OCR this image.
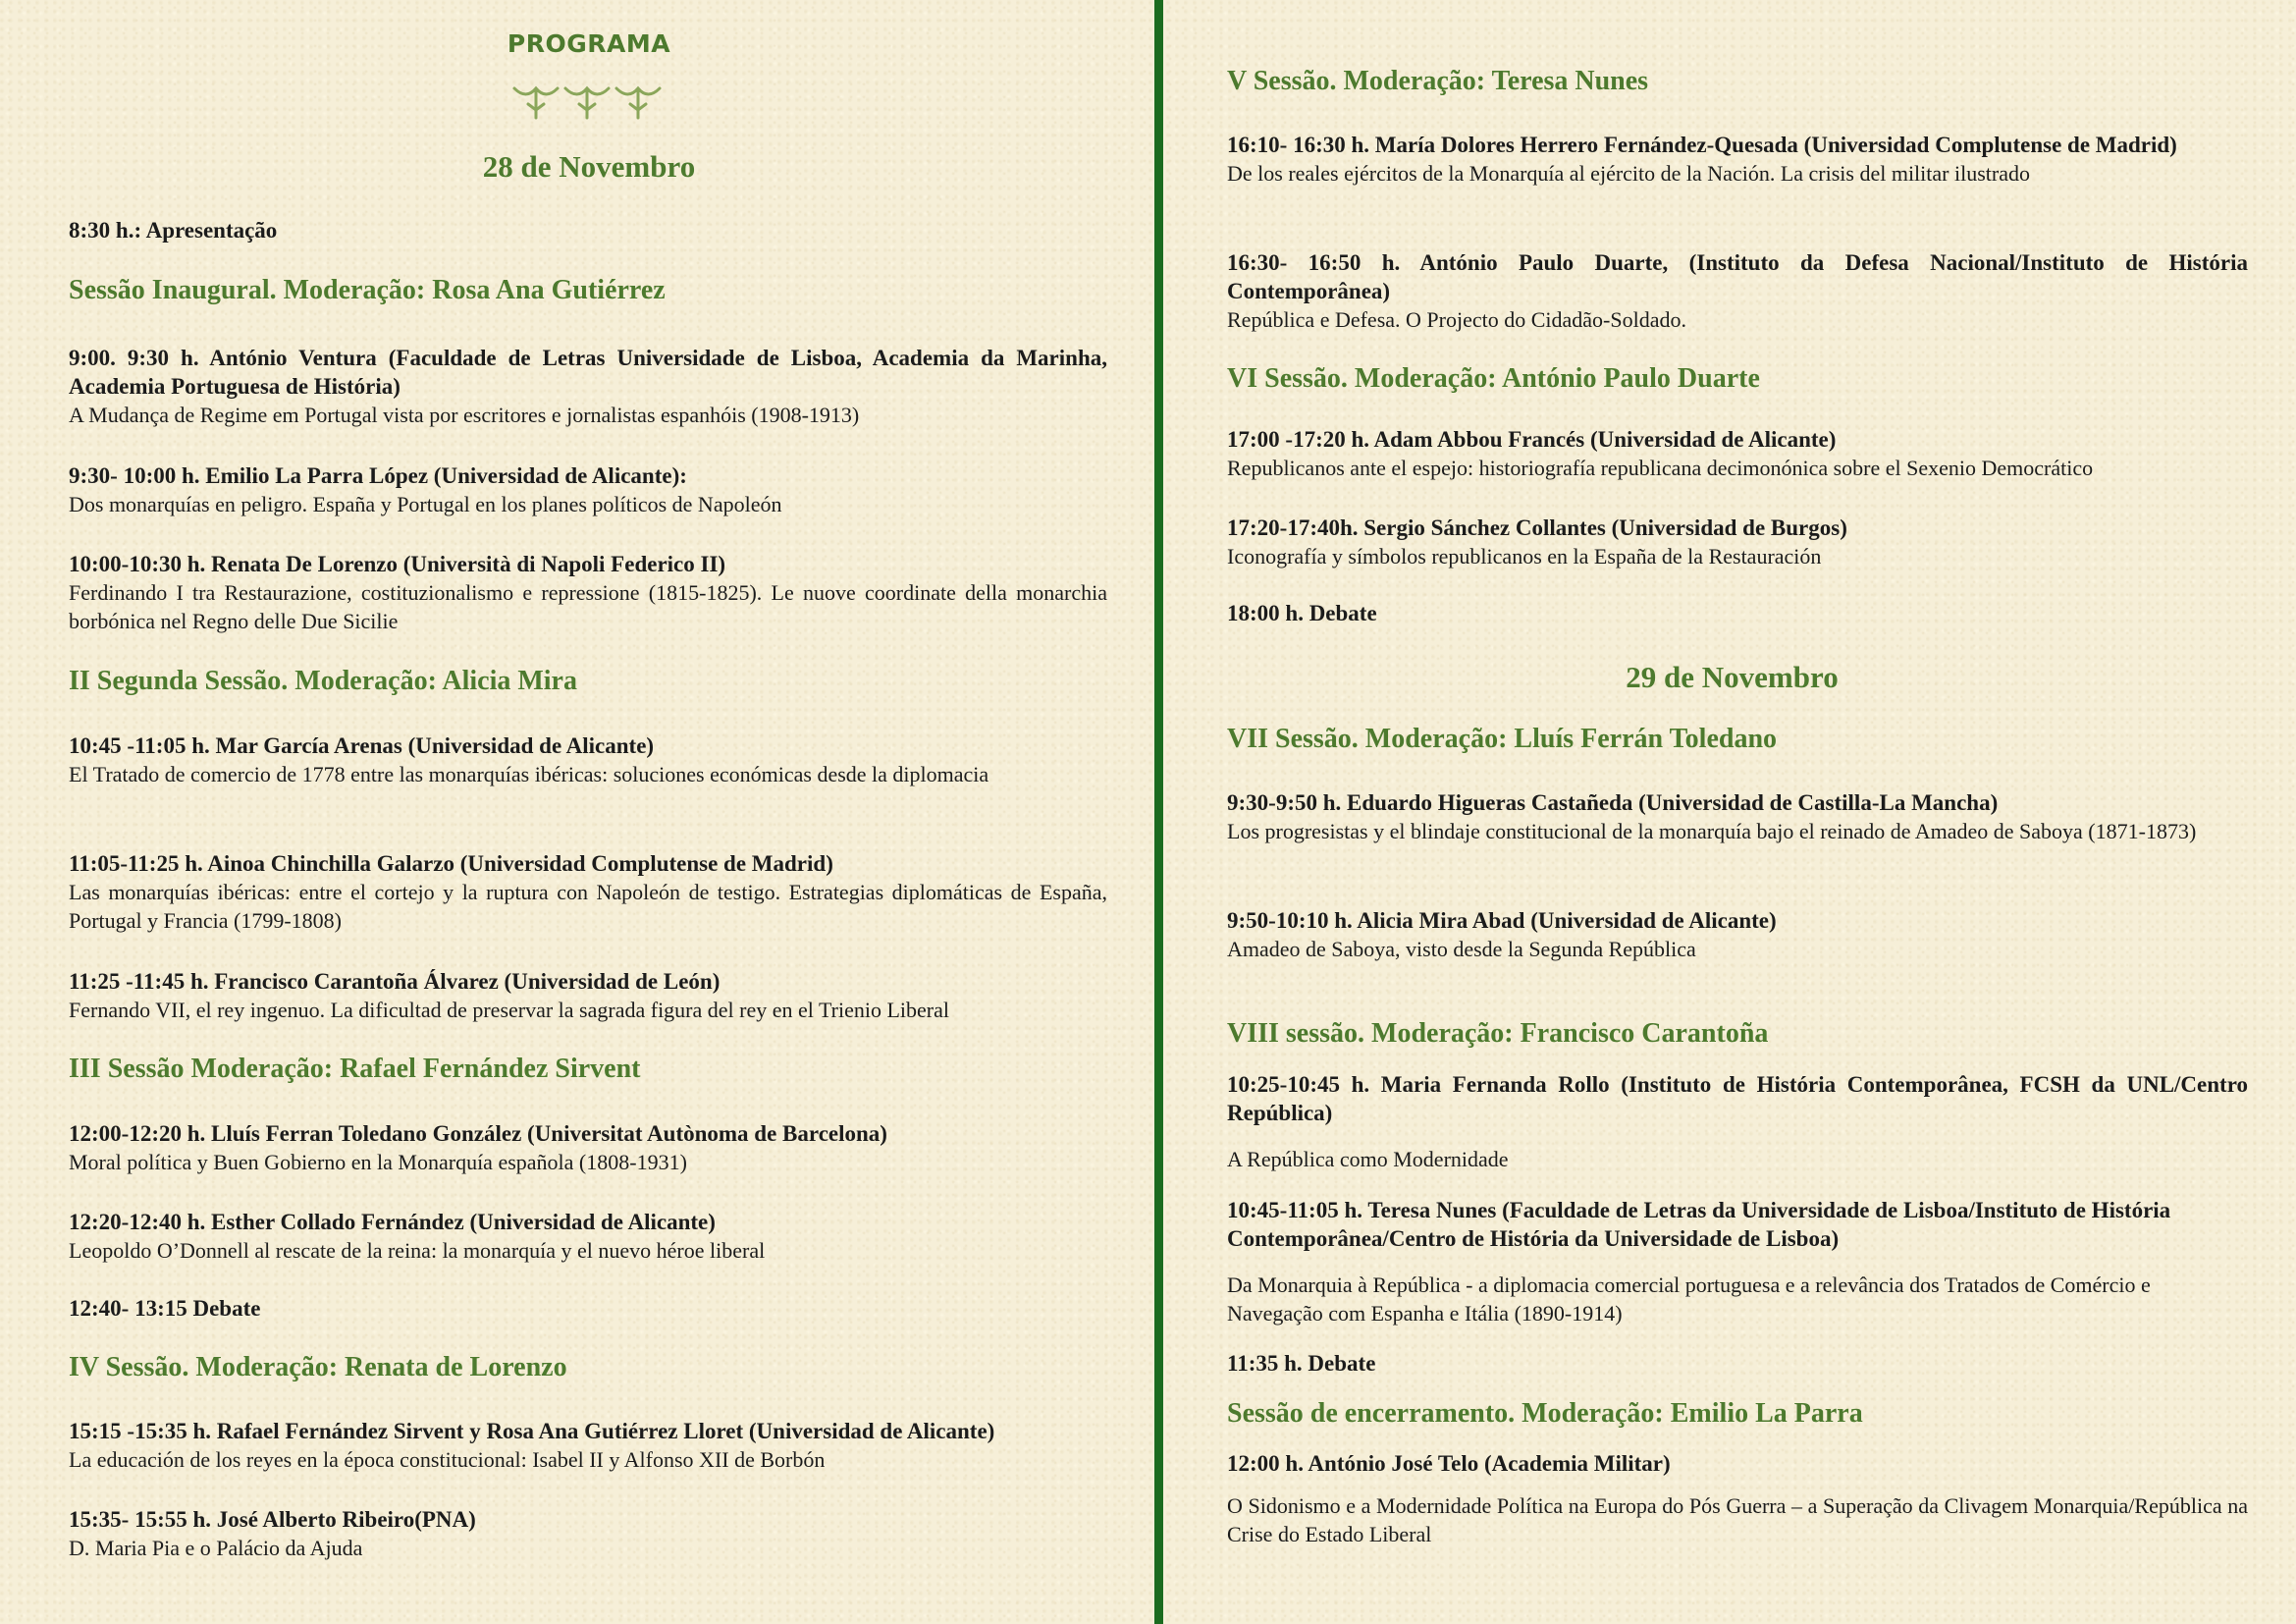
PROGRAMA
28 de Novembro
8:30 h.: Apresentação
Sessão Inaugural. Moderação: Rosa Ana Gutiérrez
9:00. 9:30 h. António Ventura (Faculdade de Letras Universidade de Lisboa, Academia da Marinha, Academia Portuguesa de História)
A Mudança de Regime em Portugal vista por escritores e jornalistas espanhóis (1908-1913)
9:30- 10:00 h. Emilio La Parra López (Universidad de Alicante):
Dos monarquías en peligro. España y Portugal en los planes políticos de Napoleón
10:00-10:30 h. Renata De Lorenzo (Università di Napoli Federico II)
Ferdinando I tra Restaurazione, costituzionalismo e repressione (1815-1825). Le nuove coordinate della monarchia borbónica nel Regno delle Due Sicilie
II Segunda Sessão. Moderação: Alicia Mira
10:45 -11:05 h. Mar García Arenas (Universidad de Alicante)
El Tratado de comercio de 1778 entre las monarquías ibéricas: soluciones económicas desde la diplomacia
11:05-11:25 h. Ainoa Chinchilla Galarzo (Universidad Complutense de Madrid)
Las monarquías ibéricas: entre el cortejo y la ruptura con Napoleón de testigo. Estrategias diplomáticas de España, Portugal y Francia (1799-1808)
11:25 -11:45 h. Francisco Carantoña Álvarez (Universidad de León)
Fernando VII, el rey ingenuo. La dificultad de preservar la sagrada figura del rey en el Trienio Liberal
III Sessão Moderação: Rafael Fernández Sirvent
12:00-12:20 h. Lluís Ferran Toledano González (Universitat Autònoma de Barcelona)
Moral política y Buen Gobierno en la Monarquía española (1808-1931)
12:20-12:40 h. Esther Collado Fernández (Universidad de Alicante)
Leopoldo O’Donnell al rescate de la reina: la monarquía y el nuevo héroe liberal
12:40- 13:15 Debate
IV Sessão. Moderação: Renata de Lorenzo
15:15 -15:35 h. Rafael Fernández Sirvent y Rosa Ana Gutiérrez Lloret (Universidad de Alicante)
La educación de los reyes en la época constitucional: Isabel II y Alfonso XII de Borbón
15:35- 15:55 h. José Alberto Ribeiro(PNA)
D. Maria Pia e o Palácio da Ajuda
V Sessão. Moderação: Teresa Nunes
16:10- 16:30 h. María Dolores Herrero Fernández-Quesada (Universidad Complutense de Madrid)
De los reales ejércitos de la Monarquía al ejército de la Nación. La crisis del militar ilustrado
16:30- 16:50 h. António Paulo Duarte, (Instituto da Defesa Nacional/Instituto de História Contemporânea)
República e Defesa. O Projecto do Cidadão-Soldado.
VI Sessão. Moderação: António Paulo Duarte
17:00 -17:20 h. Adam Abbou Francés (Universidad de Alicante)
Republicanos ante el espejo: historiografía republicana decimonónica sobre el Sexenio Democrático
17:20-17:40h. Sergio Sánchez Collantes (Universidad de Burgos)
Iconografía y símbolos republicanos en la España de la Restauración
18:00 h. Debate
29 de Novembro
VII Sessão. Moderação: Lluís Ferrán Toledano
9:30-9:50 h. Eduardo Higueras Castañeda (Universidad de Castilla-La Mancha)
Los progresistas y el blindaje constitucional de la monarquía bajo el reinado de Amadeo de Saboya (1871-1873)
9:50-10:10 h. Alicia Mira Abad (Universidad de Alicante)
Amadeo de Saboya, visto desde la Segunda República
VIII sessão. Moderação: Francisco Carantoña
10:25-10:45 h. Maria Fernanda Rollo (Instituto de História Contemporânea, FCSH da UNL/Centro República)
A República como Modernidade
10:45-11:05 h. Teresa Nunes (Faculdade de Letras da Universidade de Lisboa/Instituto de História Contemporânea/Centro de História da Universidade de Lisboa)
Da Monarquia à República - a diplomacia comercial portuguesa e a relevância dos Tratados de Comércio e Navegação com Espanha e Itália (1890-1914)
11:35 h. Debate
Sessão de encerramento. Moderação: Emilio La Parra
12:00 h. António José Telo (Academia Militar)
O Sidonismo e a Modernidade Política na Europa do Pós Guerra – a Superação da Clivagem Monarquia/República na Crise do Estado Liberal
